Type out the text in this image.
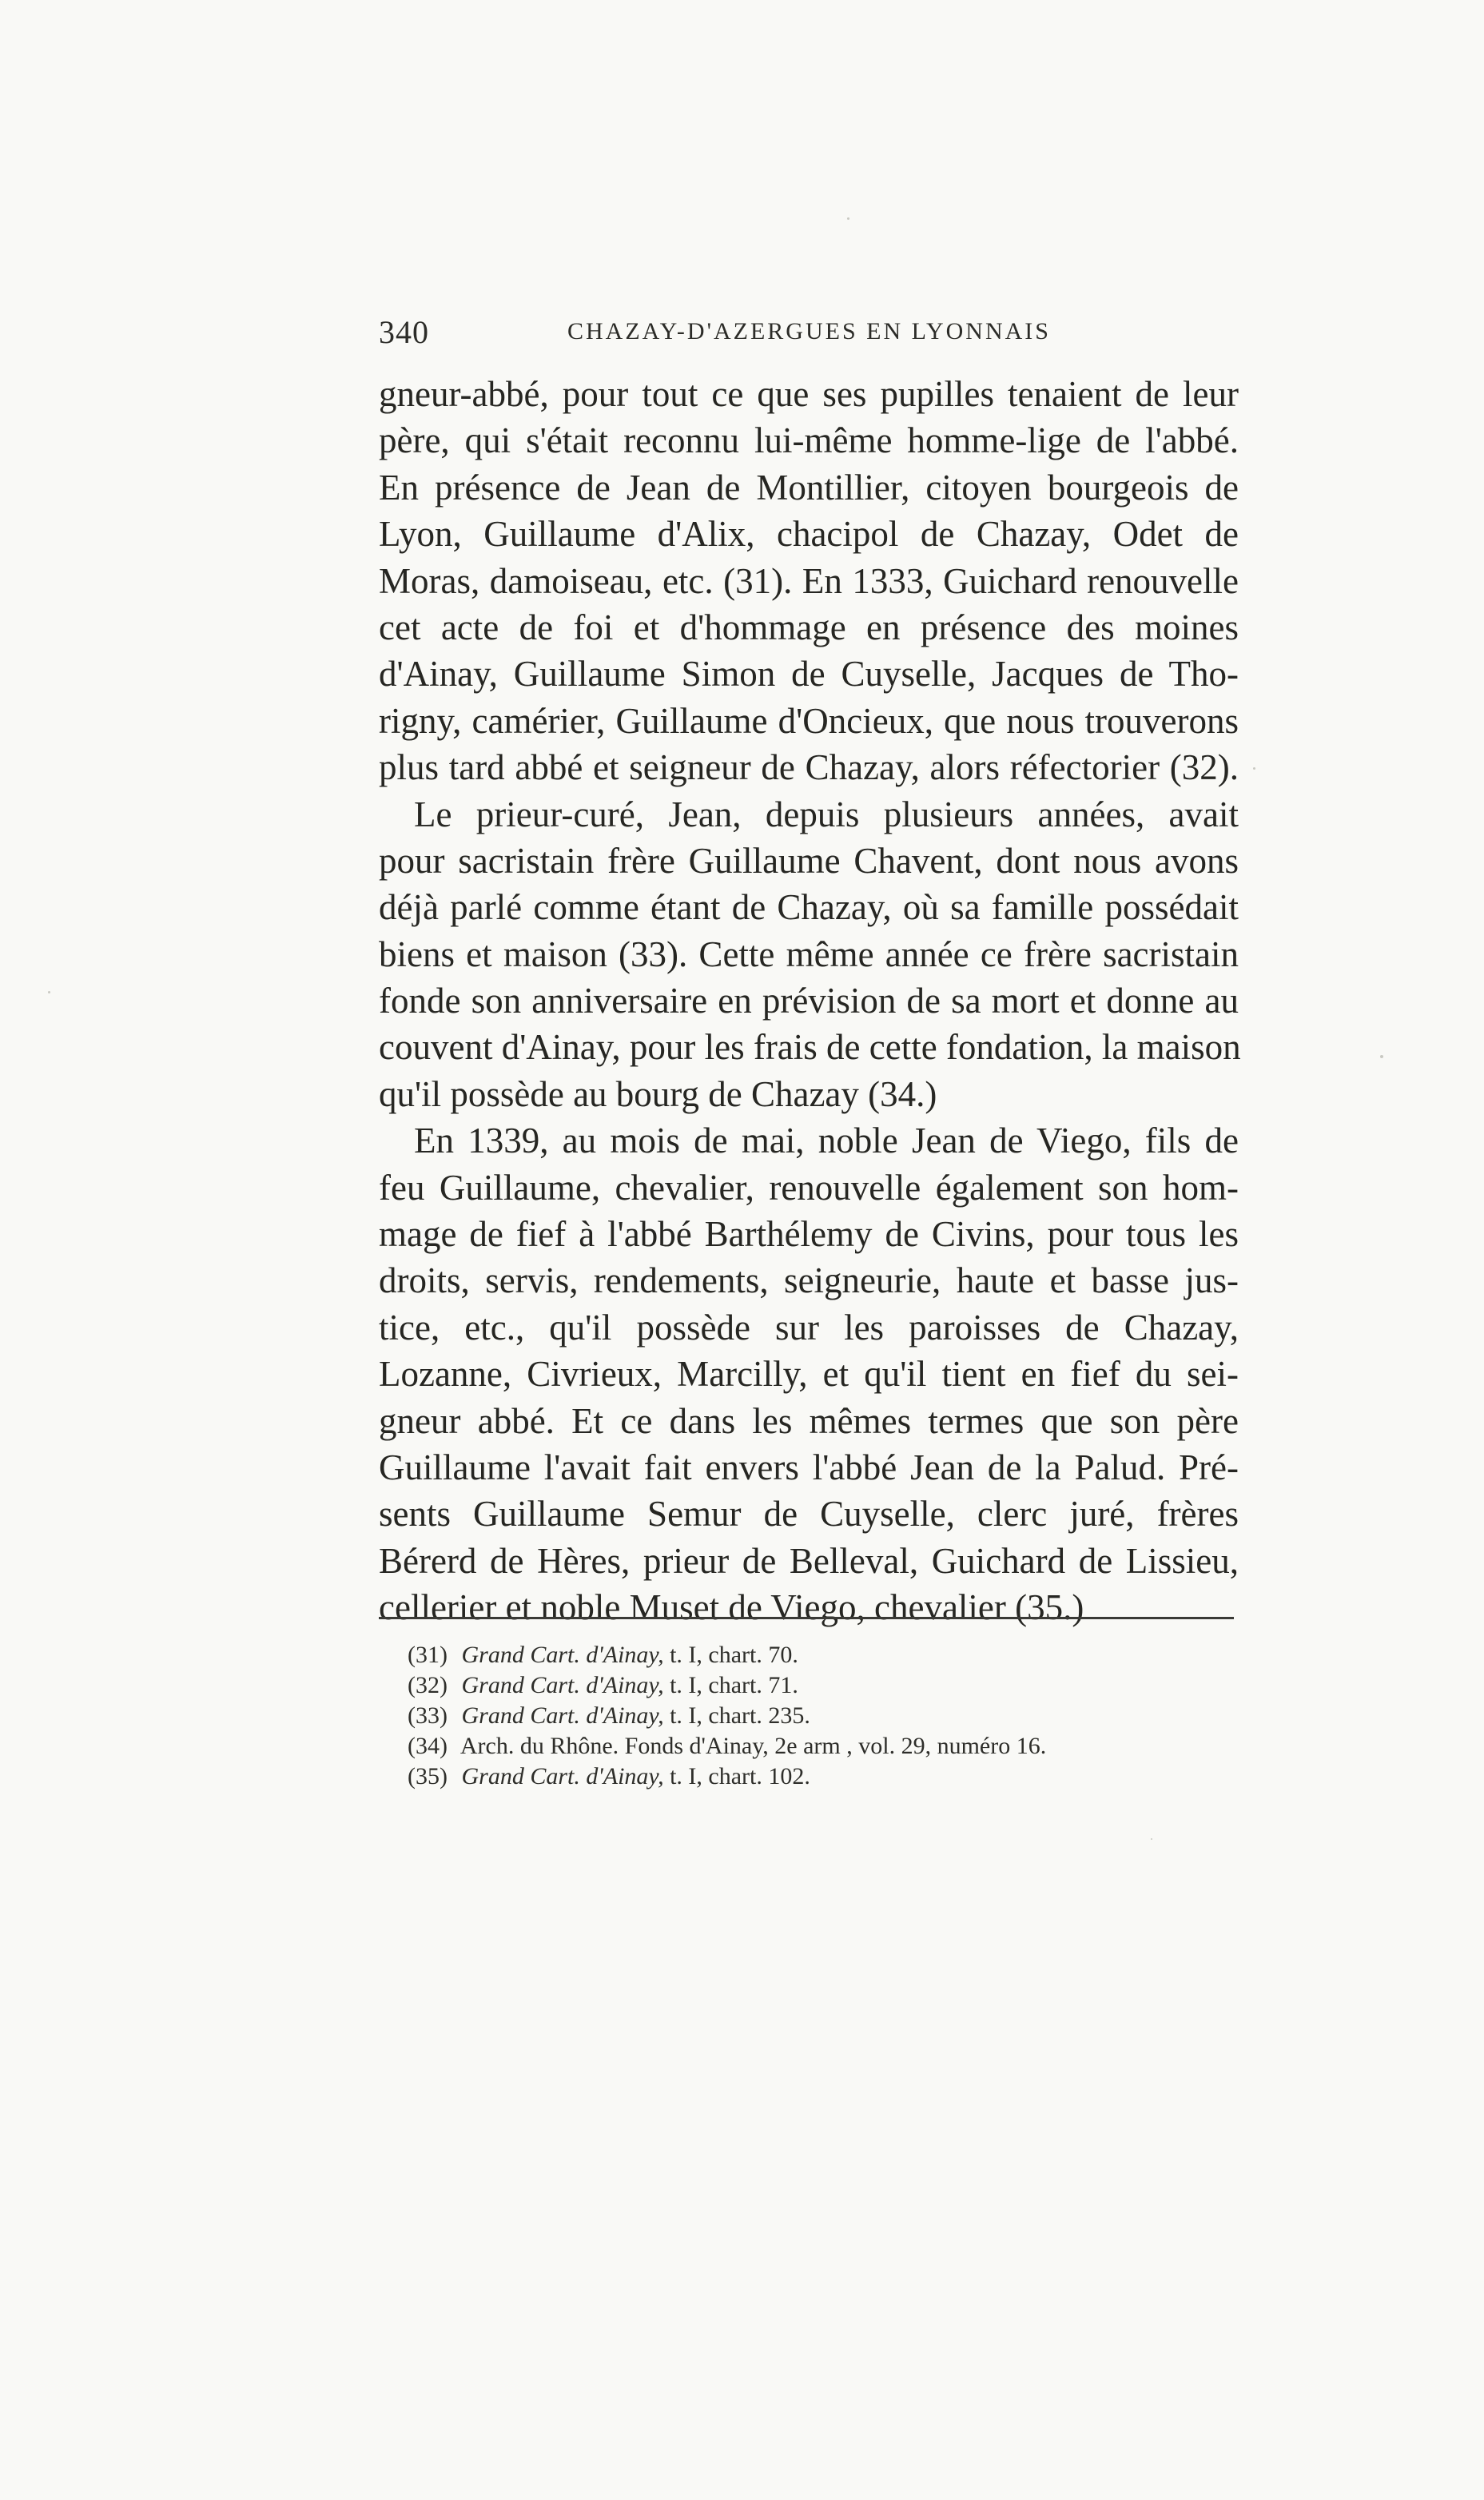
340	CHAZAY-D'AZERGUES EN LYONNAIS
gneur-abbé, pour tout ce que ses pupilles tenaient de leur
père, qui s'était reconnu lui-même homme-lige de l'abbé.
En présence de Jean de Montillier, citoyen bourgeois de
Lyon, Guillaume d'Alix, chacipol de Chazay, Odet de
Moras, damoiseau, etc. (31). En 1333, Guichard renouvelle
cet acte de foi et d'hommage en présence des moines
d'Ainay, Guillaume Simon de Cuyselle, Jacques de Tho-
rigny, camérier, Guillaume d'Oncieux, que nous trouverons
plus tard abbé et seigneur de Chazay, alors réfectorier (32).
Le prieur-curé, Jean, depuis plusieurs années, avait
pour sacristain frère Guillaume Chavent, dont nous avons
déjà parlé comme étant de Chazay, où sa famille possédait
biens et maison (33). Cette même année ce frère sacristain
fonde son anniversaire en prévision de sa mort et donne au
couvent d'Ainay, pour les frais de cette fondation, la maison
qu'il possède au bourg de Chazay (34.)
En 1339, au mois de mai, noble Jean de Viego, fils de
feu Guillaume, chevalier, renouvelle également son hom-
mage de fief à l'abbé Barthélemy de Civins, pour tous les
droits, servis, rendements, seigneurie, haute et basse jus-
tice, etc., qu'il possède sur les paroisses de Chazay,
Lozanne, Civrieux, Marcilly, et qu'il tient en fief du sei-
gneur abbé. Et ce dans les mêmes termes que son père
Guillaume l'avait fait envers l'abbé Jean de la Palud. Pré-
sents Guillaume Semur de Cuyselle, clerc juré, frères
Bérerd de Hères, prieur de Belleval, Guichard de Lissieu,
cellerier et noble Muset de Viego, chevalier (35.)
(31) Grand Cart. d'Ainay, t. I, chart. 70.
(32) Grand Cart. d'Ainay, t. I, chart. 71.
(33) Grand Cart. d'Ainay, t. I, chart. 235.
(34) Arch. du Rhône. Fonds d'Ainay, 2e arm , vol. 29, numéro 16.
(35) Grand Cart. d'Ainay, t. I, chart. 102.
